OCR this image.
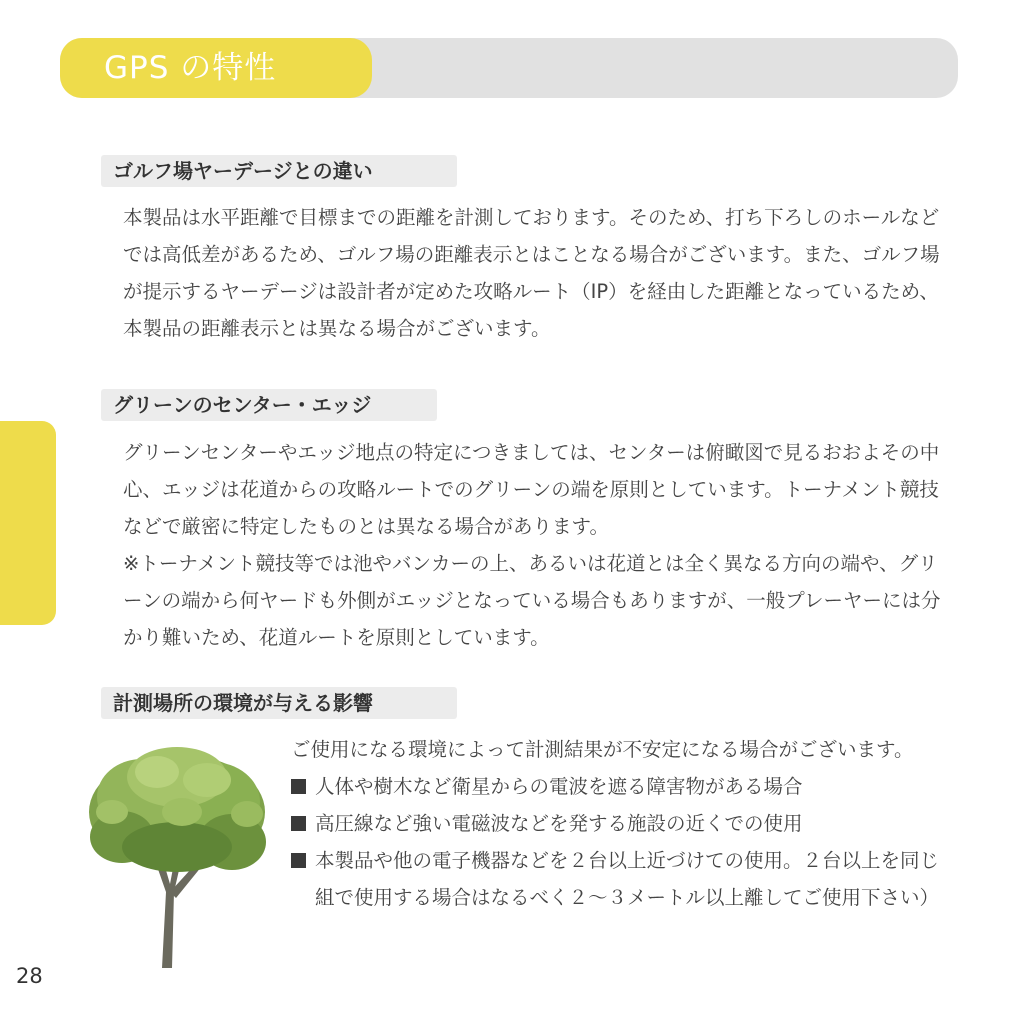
GPS の特性
ゴルフ場ヤーデージとの違い

本製品は水平距離で目標までの距離を計測しております。そのため、打ち下ろしのホールなどでは高低差があるため、ゴルフ場の距離表示とはことなる場合がございます。また、ゴルフ場が提示するヤーデージは設計者が定めた攻略ルート（IP）を経由した距離となっているため、本製品の距離表示とは異なる場合がございます。

グリーンのセンター・エッジ

グリーンセンターやエッジ地点の特定につきましては、センターは俯瞰図で見るおおよその中心、エッジは花道からの攻略ルートでのグリーンの端を原則としています。トーナメント競技などで厳密に特定したものとは異なる場合があります。

※トーナメント競技等では池やバンカーの上、あるいは花道とは全く異なる方向の端や、グリーンの端から何ヤードも外側がエッジとなっている場合もありますが、一般プレーヤーには分かり難いため、花道ルートを原則としています。

計測場所の環境が与える影響

ご使用になる環境によって計測結果が不安定になる場合がございます。

人体や樹木など衛星からの電波を遮る障害物がある場合
高圧線など強い電磁波などを発する施設の近くでの使用
本製品や他の電子機器などを２台以上近づけての使用。２台以上を同じ組で使用する場合はなるべく２〜３メートル以上離してご使用下さい）
28
